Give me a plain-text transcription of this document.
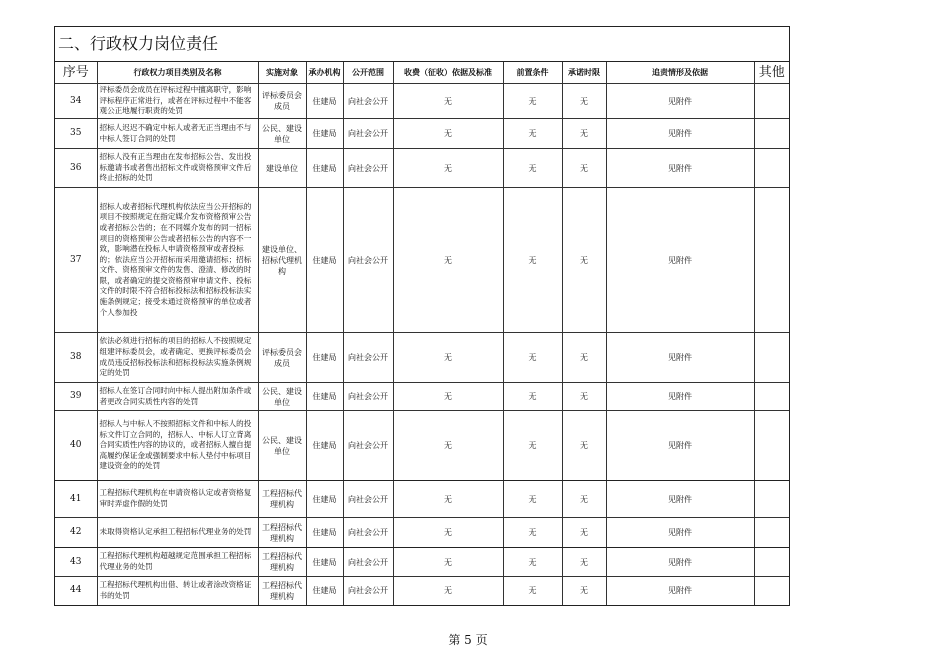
二、行政权力岗位责任
序号	行政权力项目类别及名称	实施对象	承办机构	公开范围	收费（征收）依据及标准	前置条件	承诺时限	追责情形及依据	其他
34	评标委员会成员在评标过程中擅离职守，影响评标程序正常进行，或者在评标过程中不能客观公正地履行职责的处罚	评标委员会成员	住建局	向社会公开	无	无	无	见附件	
35	招标人迟迟不确定中标人或者无正当理由不与中标人签订合同的处罚	公民、建设单位	住建局	向社会公开	无	无	无	见附件	
36	招标人没有正当理由在发布招标公告、发出投标邀请书或者售出招标文件或资格预审文件后终止招标的处罚	建设单位	住建局	向社会公开	无	无	无	见附件	
37	招标人或者招标代理机构依法应当公开招标的项目不按照规定在指定媒介发布资格预审公告或者招标公告的；在不同媒介发布的同一招标项目的资格预审公告或者招标公告的内容不一致，影响潜在投标人申请资格预审或者投标的；依法应当公开招标而采用邀请招标；招标文件、资格预审文件的发售、澄清、修改的时限，或者确定的提交资格预审申请文件、投标文件的时限不符合招标投标法和招标投标法实施条例规定；接受未通过资格预审的单位或者个人参加投	建设单位、招标代理机构	住建局	向社会公开	无	无	无	见附件	
38	依法必须进行招标的项目的招标人不按照规定组建评标委员会，或者确定、更换评标委员会成员违反招标投标法和招标投标法实施条例规定的处罚	评标委员会成员	住建局	向社会公开	无	无	无	见附件	
39	招标人在签订合同时向中标人提出附加条件或者更改合同实质性内容的处罚	公民、建设单位	住建局	向社会公开	无	无	无	见附件	
40	招标人与中标人不按照招标文件和中标人的投标文件订立合同的，招标人、中标人订立背离合同实质性内容的协议的，或者招标人擅自提高履约保证金或强制要求中标人垫付中标项目建设资金的的处罚	公民、建设单位	住建局	向社会公开	无	无	无	见附件	
41	工程招标代理机构在申请资格认定或者资格复审时弄虚作假的处罚	工程招标代理机构	住建局	向社会公开	无	无	无	见附件	
42	未取得资格认定承担工程招标代理业务的处罚	工程招标代理机构	住建局	向社会公开	无	无	无	见附件	
43	工程招标代理机构超越规定范围承担工程招标代理业务的处罚	工程招标代理机构	住建局	向社会公开	无	无	无	见附件	
44	工程招标代理机构出借、转让或者涂改资格证书的处罚	工程招标代理机构	住建局	向社会公开	无	无	无	见附件	
第 5 页
